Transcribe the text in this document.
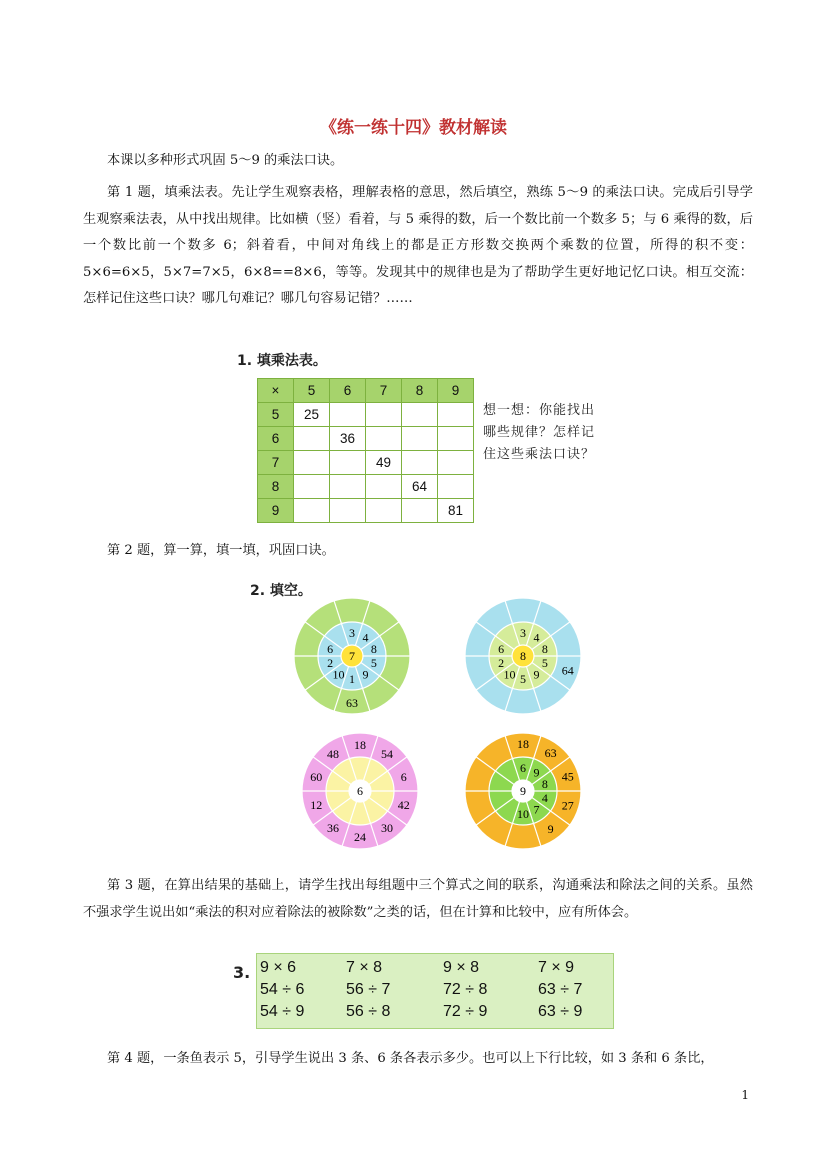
《练一练十四》教材解读

本课以多种形式巩固 5～9 的乘法口诀。

第 1 题，填乘法表。先让学生观察表格，理解表格的意思，然后填空，熟练 5～9 的乘法口诀。完成后引导学生观察乘法表，从中找出规律。比如横（竖）看着，与 5 乘得的数，后一个数比前一个数多 5；与 6 乘得的数，后一个数比前一个数多 6；斜着看，中间对角线上的都是正方形数交换两个乘数的位置，所得的积不变：5×6=6×5，5×7=7×5，6×8==8×6，等等。发现其中的规律也是为了帮助学生更好地记忆口诀。相互交流：怎样记住这些口诀？哪几句难记？哪几句容易记错？……

1. 填乘法表。
×	5	6	7	8	9
5	25				
6		36			
7			49		
8				64	
9					81
想一想：你能找出
哪些规律？怎样记
住这些乘法口诀？

第 2 题，算一算，填一填，巩固口诀。

2. 填空。
7
3 4
8
5
9
1
10
2
6
63
8
3 4
8
5
9
5
10
2
6
64
6
18
54
6
42
30
24
36
12
60
48
9
6 9
8
4
7
10
18
63
45
27
9

第 3 题，在算出结果的基础上，请学生找出每组题中三个算式之间的联系，沟通乘法和除法之间的关系。虽然不强求学生说出如“乘法的积对应着除法的被除数”之类的话，但在计算和比较中，应有所体会。

3. 9 × 6	7 × 8	9 × 8	7 × 9
54 ÷ 6	56 ÷ 7	72 ÷ 8	63 ÷ 7
54 ÷ 9	56 ÷ 8	72 ÷ 9	63 ÷ 9

第 4 题，一条鱼表示 5，引导学生说出 3 条、6 条各表示多少。也可以上下行比较，如 3 条和 6 条比，

1
